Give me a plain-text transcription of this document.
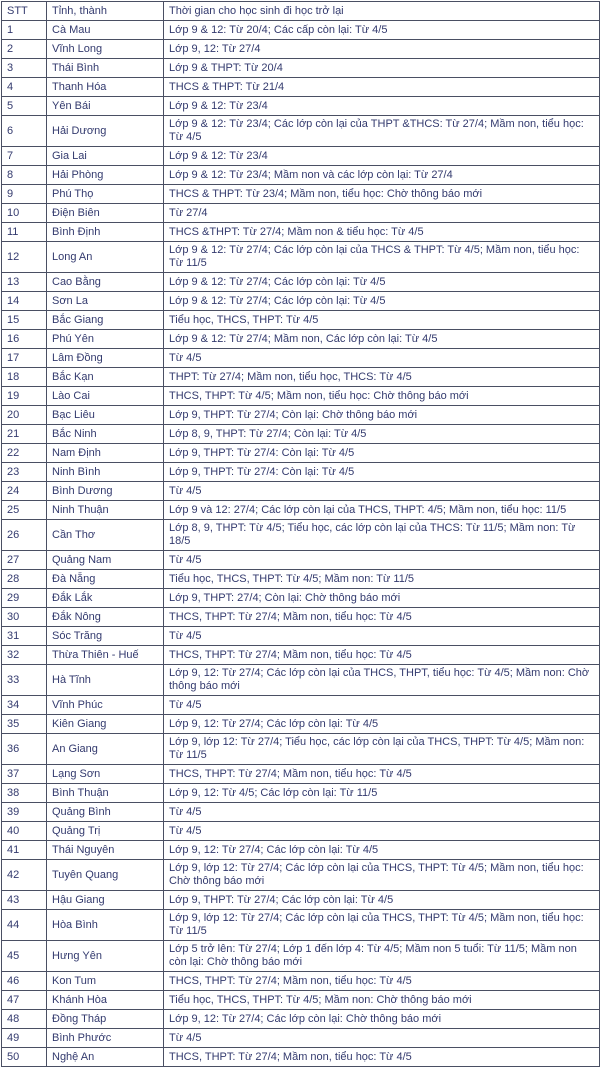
STT	Tỉnh, thành	Thời gian cho học sinh đi học trở lại
1	Cà Mau	Lớp 9 & 12: Từ 20/4; Các cấp còn lại: Từ 4/5
2	Vĩnh Long	Lớp 9, 12: Từ 27/4
3	Thái Bình	Lớp 9 & THPT: Từ 20/4
4	Thanh Hóa	THCS & THPT: Từ 21/4
5	Yên Bái	Lớp 9 & 12: Từ 23/4
6	Hải Dương	Lớp 9 & 12: Từ 23/4; Các lớp còn lại của THPT &THCS: Từ 27/4; Mầm non, tiểu học: Từ 4/5
7	Gia Lai	Lớp 9 & 12: Từ 23/4
8	Hải Phòng	Lớp 9 & 12: Từ 23/4; Mầm non và các lớp còn lại: Từ 27/4
9	Phú Thọ	THCS & THPT: Từ 23/4; Mầm non, tiểu học: Chờ thông báo mới
10	Điện Biên	Từ 27/4
11	Bình Định	THCS &THPT: Từ 27/4; Mầm non & tiểu học: Từ 4/5
12	Long An	Lớp 9 & 12: Từ 27/4; Các lớp còn lại của THCS & THPT: Từ 4/5; Mầm non, tiểu học: Từ 11/5
13	Cao Bằng	Lớp 9 & 12: Từ 27/4; Các lớp còn lại: Từ 4/5
14	Sơn La	Lớp 9 & 12: Từ 27/4; Các lớp còn lại: Từ 4/5
15	Bắc Giang	Tiểu học, THCS, THPT: Từ 4/5
16	Phú Yên	Lớp 9 & 12: Từ 27/4; Mầm non, Các lớp còn lại: Từ 4/5
17	Lâm Đồng	Từ 4/5
18	Bắc Kạn	THPT: Từ 27/4; Mầm non, tiểu học, THCS: Từ 4/5
19	Lào Cai	THCS, THPT: Từ 4/5; Mầm non, tiểu học: Chờ thông báo mới
20	Bạc Liêu	Lớp 9, THPT: Từ 27/4; Còn lại: Chờ thông báo mới
21	Bắc Ninh	Lớp 8, 9, THPT: Từ 27/4; Còn lại: Từ 4/5
22	Nam Định	Lớp 9, THPT: Từ 27/4: Còn lại: Từ 4/5
23	Ninh Bình	Lớp 9, THPT: Từ 27/4: Còn lại: Từ 4/5
24	Bình Dương	Từ 4/5
25	Ninh Thuận	Lớp 9 và 12: 27/4; Các lớp còn lại của THCS, THPT: 4/5; Mầm non, tiểu học: 11/5
26	Cần Thơ	Lớp 8, 9, THPT: Từ 4/5; Tiểu học, các lớp còn lại của THCS: Từ 11/5; Mầm non: Từ 18/5
27	Quảng Nam	Từ 4/5
28	Đà Nẵng	Tiểu học, THCS, THPT: Từ 4/5; Mầm non: Từ 11/5
29	Đắk Lắk	Lớp 9, THPT: 27/4; Còn lại: Chờ thông báo mới
30	Đắk Nông	THCS, THPT: Từ 27/4; Mầm non, tiểu học: Từ 4/5
31	Sóc Trăng	Từ 4/5
32	Thừa Thiên - Huế	THCS, THPT: Từ 27/4; Mầm non, tiểu học: Từ 4/5
33	Hà Tĩnh	Lớp 9, 12: Từ 27/4; Các lớp còn lại của THCS, THPT, tiểu học: Từ 4/5; Mầm non: Chờ thông báo mới
34	Vĩnh Phúc	Từ 4/5
35	Kiên Giang	Lớp 9, 12: Từ 27/4; Các lớp còn lại: Từ 4/5
36	An Giang	Lớp 9, lớp 12: Từ 27/4; Tiểu học, các lớp còn lại của THCS, THPT: Từ 4/5; Mầm non: Từ 11/5
37	Lạng Sơn	THCS, THPT: Từ 27/4; Mầm non, tiểu học: Từ 4/5
38	Bình Thuận	Lớp 9, 12: Từ 4/5; Các lớp còn lại: Từ 11/5
39	Quảng Bình	Từ 4/5
40	Quảng Trị	Từ 4/5
41	Thái Nguyên	Lớp 9, 12: Từ 27/4; Các lớp còn lại: Từ 4/5
42	Tuyên Quang	Lớp 9, lớp 12: Từ 27/4; Các lớp còn lại của THCS, THPT: Từ 4/5; Mầm non, tiểu học: Chờ thông báo mới
43	Hậu Giang	Lớp 9, THPT: Từ 27/4; Các lớp còn lại: Từ 4/5
44	Hòa Bình	Lớp 9, lớp 12: Từ 27/4; Các lớp còn lại của THCS, THPT: Từ 4/5; Mầm non, tiểu học: Từ 11/5
45	Hưng Yên	Lớp 5 trở lên: Từ 27/4; Lớp 1 đến lớp 4: Từ 4/5; Mầm non 5 tuổi: Từ 11/5; Mầm non còn lại: Chờ thông báo mới
46	Kon Tum	THCS, THPT: Từ 27/4; Mầm non, tiểu học: Từ 4/5
47	Khánh Hòa	Tiểu học, THCS, THPT: Từ 4/5; Mầm non: Chờ thông báo mới
48	Đồng Tháp	Lớp 9, 12: Từ 27/4; Các lớp còn lại: Chờ thông báo mới
49	Bình Phước	Từ 4/5
50	Nghệ An	THCS, THPT: Từ 27/4; Mầm non, tiểu học: Từ 4/5
